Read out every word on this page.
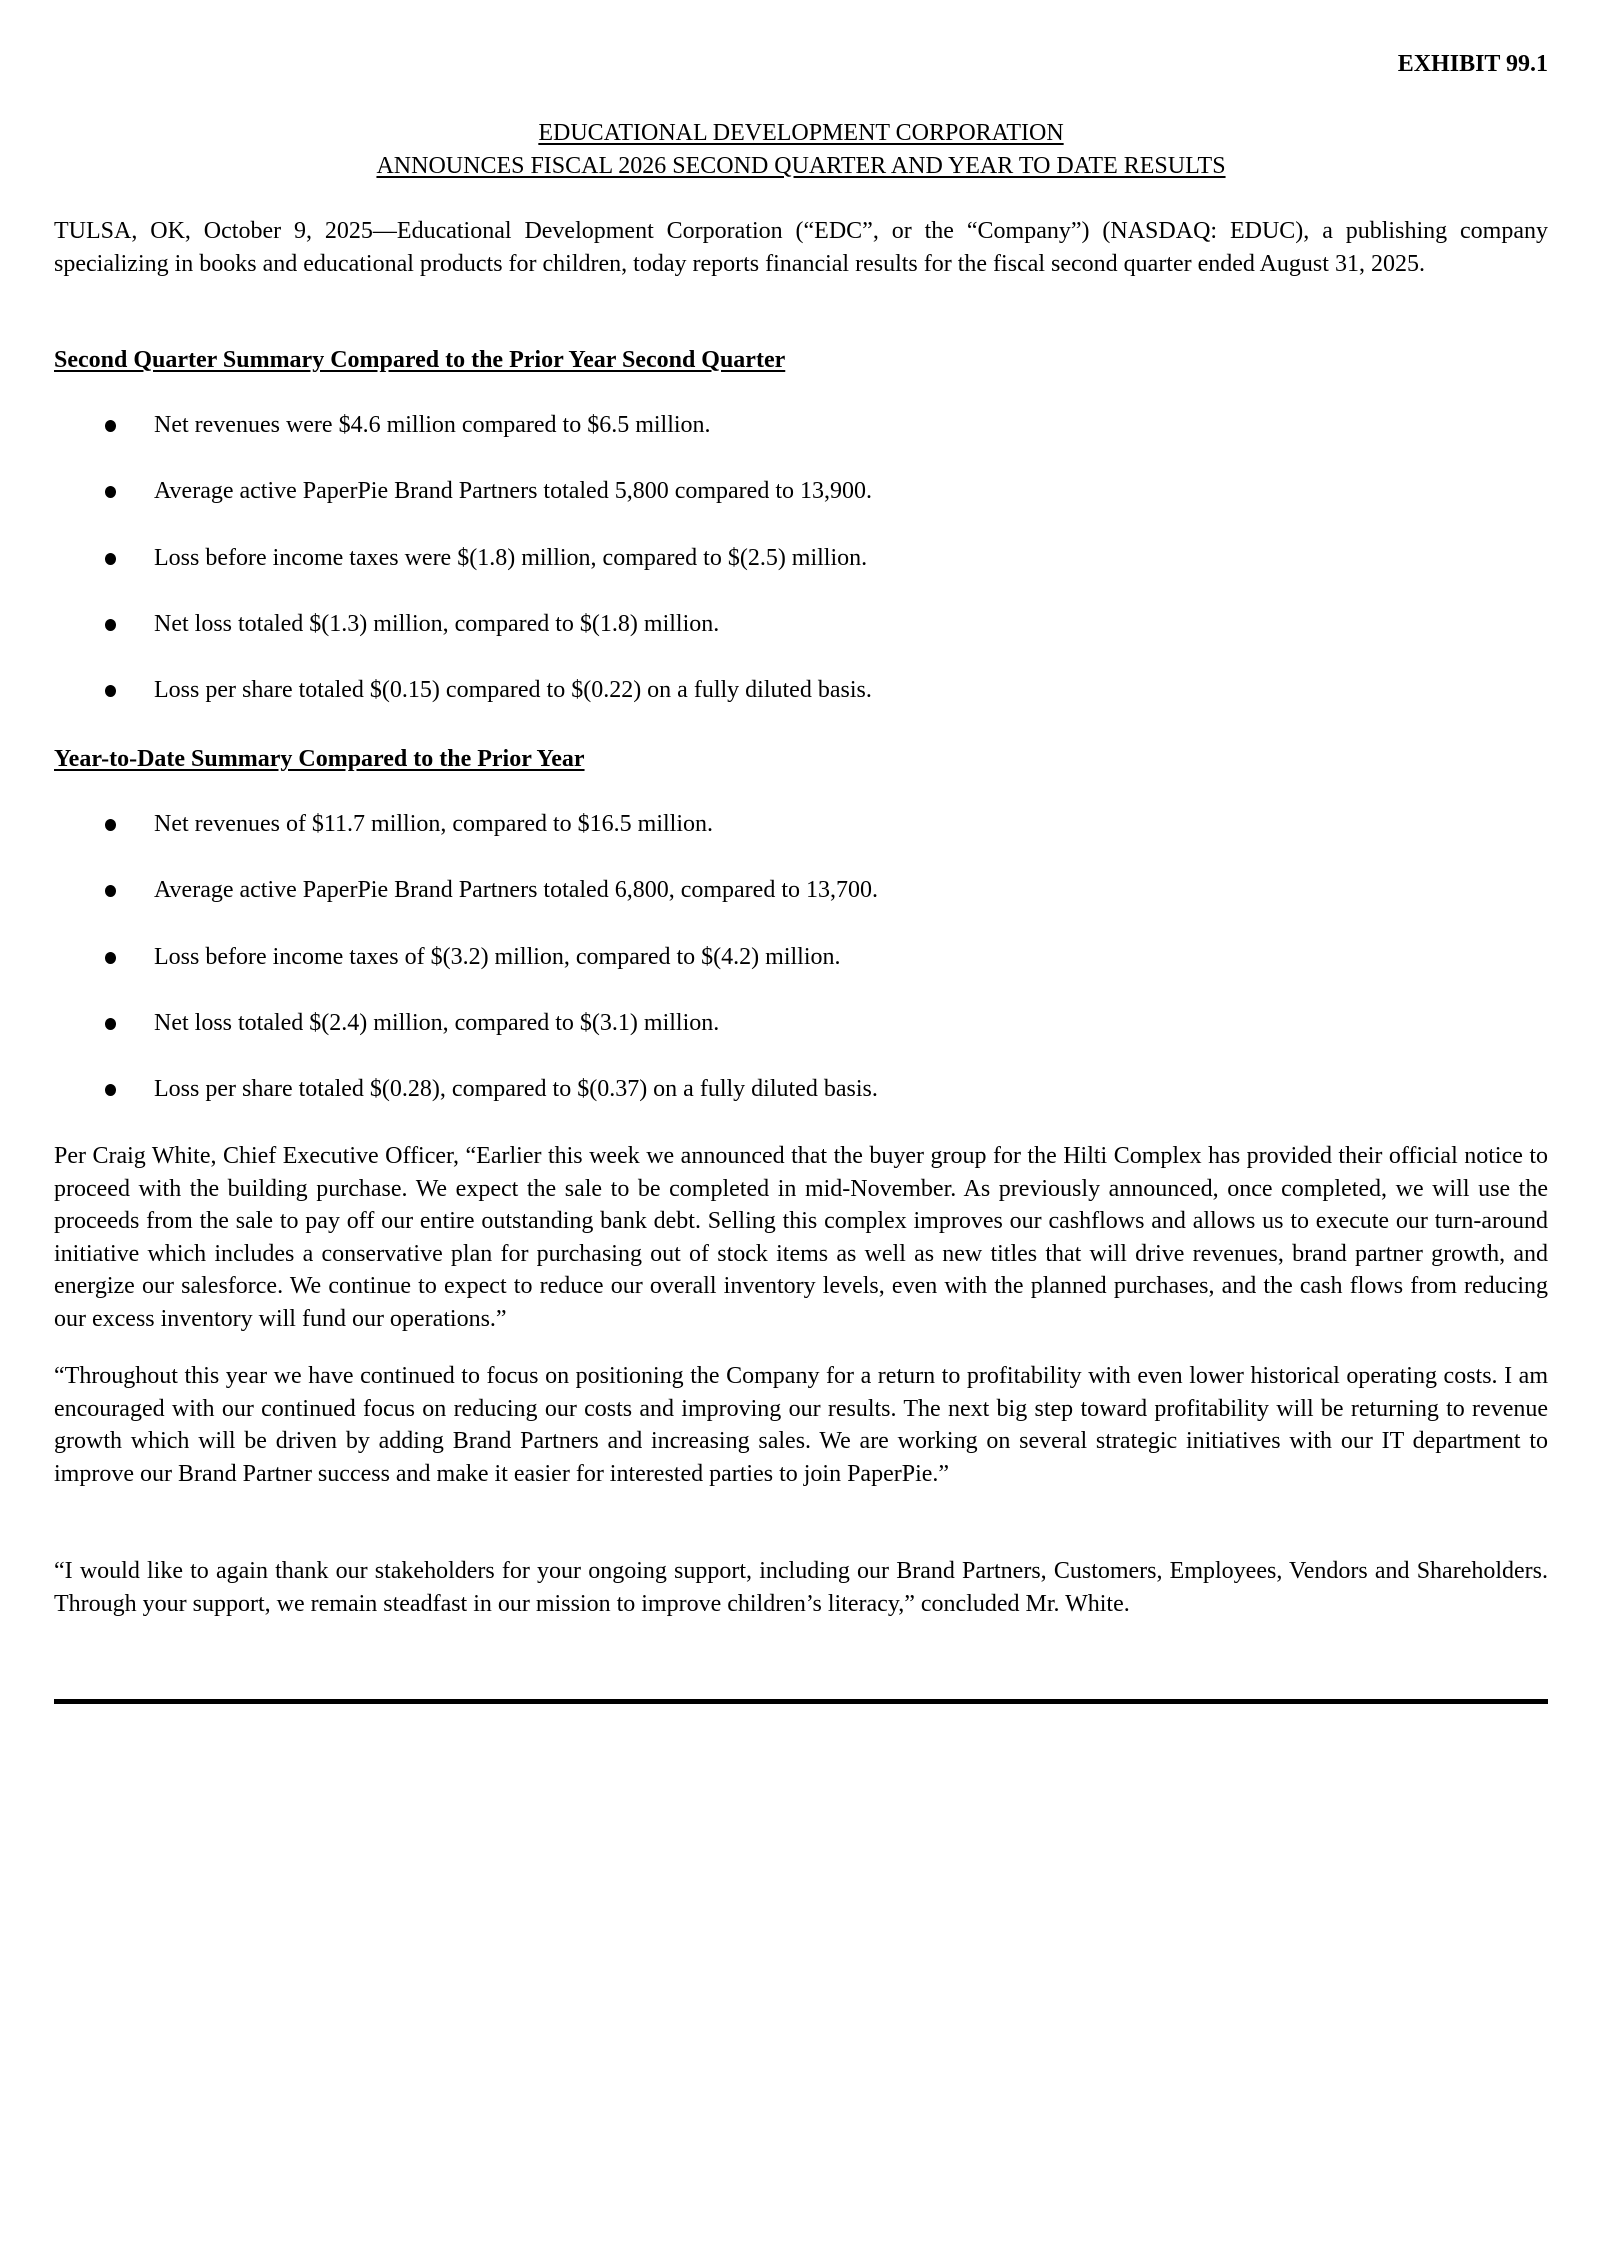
EXHIBIT 99.1
EDUCATIONAL DEVELOPMENT CORPORATION
ANNOUNCES FISCAL 2026 SECOND QUARTER AND YEAR TO DATE RESULTS

TULSA, OK, October 9, 2025—Educational Development Corporation (“EDC”, or the “Company”) (NASDAQ: EDUC), a publishing company specializing in books and educational products for children, today reports financial results for the fiscal second quarter ended August 31, 2025.

Second Quarter Summary Compared to the Prior Year Second Quarter
Net revenues were $4.6 million compared to $6.5 million.
Average active PaperPie Brand Partners totaled 5,800 compared to 13,900.
Loss before income taxes were $(1.8) million, compared to $(2.5) million.
Net loss totaled $(1.3) million, compared to $(1.8) million.
Loss per share totaled $(0.15) compared to $(0.22) on a fully diluted basis.
Year-to-Date Summary Compared to the Prior Year
Net revenues of $11.7 million, compared to $16.5 million.
Average active PaperPie Brand Partners totaled 6,800, compared to 13,700.
Loss before income taxes of $(3.2) million, compared to $(4.2) million.
Net loss totaled $(2.4) million, compared to $(3.1) million.
Loss per share totaled $(0.28), compared to $(0.37) on a fully diluted basis.

Per Craig White, Chief Executive Officer, “Earlier this week we announced that the buyer group for the Hilti Complex has provided their official notice to proceed with the building purchase. We expect the sale to be completed in mid-November. As previously announced, once completed, we will use the proceeds from the sale to pay off our entire outstanding bank debt. Selling this complex improves our cashflows and allows us to execute our turn-around initiative which includes a conservative plan for purchasing out of stock items as well as new titles that will drive revenues, brand partner growth, and energize our salesforce. We continue to expect to reduce our overall inventory levels, even with the planned purchases, and the cash flows from reducing our excess inventory will fund our operations.”

“Throughout this year we have continued to focus on positioning the Company for a return to profitability with even lower historical operating costs. I am encouraged with our continued focus on reducing our costs and improving our results. The next big step toward profitability will be returning to revenue growth which will be driven by adding Brand Partners and increasing sales. We are working on several strategic initiatives with our IT department to improve our Brand Partner success and make it easier for interested parties to join PaperPie.”

“I would like to again thank our stakeholders for your ongoing support, including our Brand Partners, Customers, Employees, Vendors and Shareholders. Through your support, we remain steadfast in our mission to improve children’s literacy,” concluded Mr. White.
